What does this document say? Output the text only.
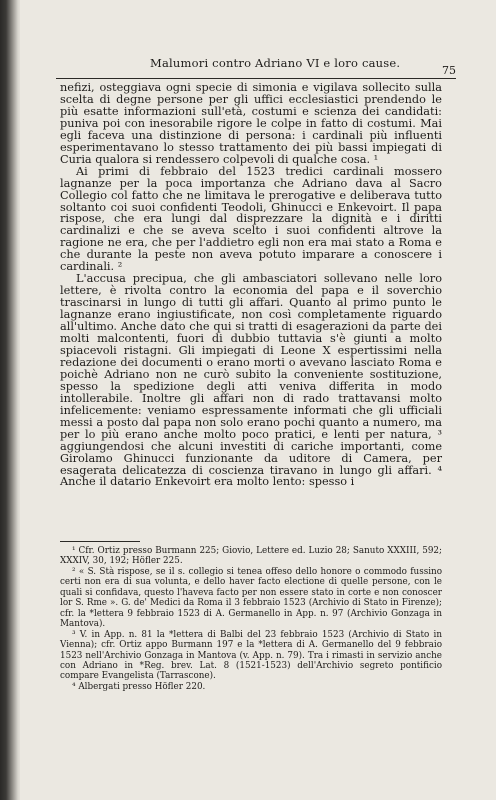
Malumori contro Adriano VI e loro cause.
75

nefizi, osteggiava ogni specie di simonia e vigilava sollecito sulla scelta di degne persone per gli uffici ecclesiastici prendendo le più esatte informazioni sull'età, costumi e scienza dei candidati: puniva poi con inesorabile rigore le colpe in fatto di costumi. Mai egli faceva una distinzione di persona: i cardinali più influenti esperimentavano lo stesso trattamento dei più bassi impiegati di Curia qualora si rendessero colpevoli di qualche cosa. ¹

Ai primi di febbraio del 1523 tredici cardinali mossero lagnanze per la poca importanza che Adriano dava al Sacro Collegio col fatto che ne limitava le prerogative e deliberava tutto soltanto coi suoi confidenti Teodoli, Ghinucci e Enkevoirt. Il papa rispose, che era lungi dal disprezzare la dignità e i diritti cardinalizi e che se aveva scelto i suoi confidenti altrove la ragione ne era, che per l'addietro egli non era mai stato a Roma e che durante la peste non aveva potuto imparare a conoscere i cardinali. ²

L'accusa precipua, che gli ambasciatori sollevano nelle loro lettere, è rivolta contro la economia del papa e il soverchio trascinarsi in lungo di tutti gli affari. Quanto al primo punto le lagnanze erano ingiustificate, non così completamente riguardo all'ultimo. Anche dato che qui si tratti di esagerazioni da parte dei molti malcontenti, fuori di dubbio tuttavia s'è giunti a molto spiacevoli ristagni. Gli impiegati di Leone X espertissimi nella redazione dei documenti o erano morti o avevano lasciato Roma e poichè Adriano non ne curò subito la conveniente sostituzione, spesso la spedizione degli atti veniva differita in modo intollerabile. Inoltre gli affari non di rado trattavansi molto infelicemente: veniamo espressamente informati che gli ufficiali messi a posto dal papa non solo erano pochi quanto a numero, ma per lo più erano anche molto poco pratici, e lenti per natura, ³ aggiungendosi che alcuni investiti di cariche importanti, come Girolamo Ghinucci funzionante da uditore di Camera, per esagerata delicatezza di coscienza tiravano in lungo gli affari. ⁴ Anche il datario Enkevoirt era molto lento: spesso i

¹ Cfr. Ortiz presso Burmann 225; Giovio, Lettere ed. Luzio 28; Sanuto XXXIII, 592; XXXIV, 30, 192; Höfler 225.

² « S. Stà rispose, se il s. collegio si tenea offeso dello honore o commodo fussino certi non era di sua volunta, e dello haver facto electione di quelle persone, con le quali si confidava, questo l'haveva facto per non essere stato in corte e non conoscer lor S. Rme ». G. de' Medici da Roma il 3 febbraio 1523 (Archivio di Stato in Firenze); cfr. la *lettera 9 febbraio 1523 di A. Germanello in App. n. 97 (Archivio Gonzaga in Mantova).

³ V. in App. n. 81 la *lettera di Balbi del 23 febbraio 1523 (Archivio di Stato in Vienna); cfr. Ortiz appo Burmann 197 e la *lettera di A. Germanello del 9 febbraio 1523 nell'Archivio Gonzaga in Mantova (v. App. n. 79). Tra i rimasti in servizio anche con Adriano in *Reg. brev. Lat. 8 (1521-1523) dell'Archivio segreto pontificio compare Evangelista (Tarrascone).

⁴ Albergati presso Höfler 220.
